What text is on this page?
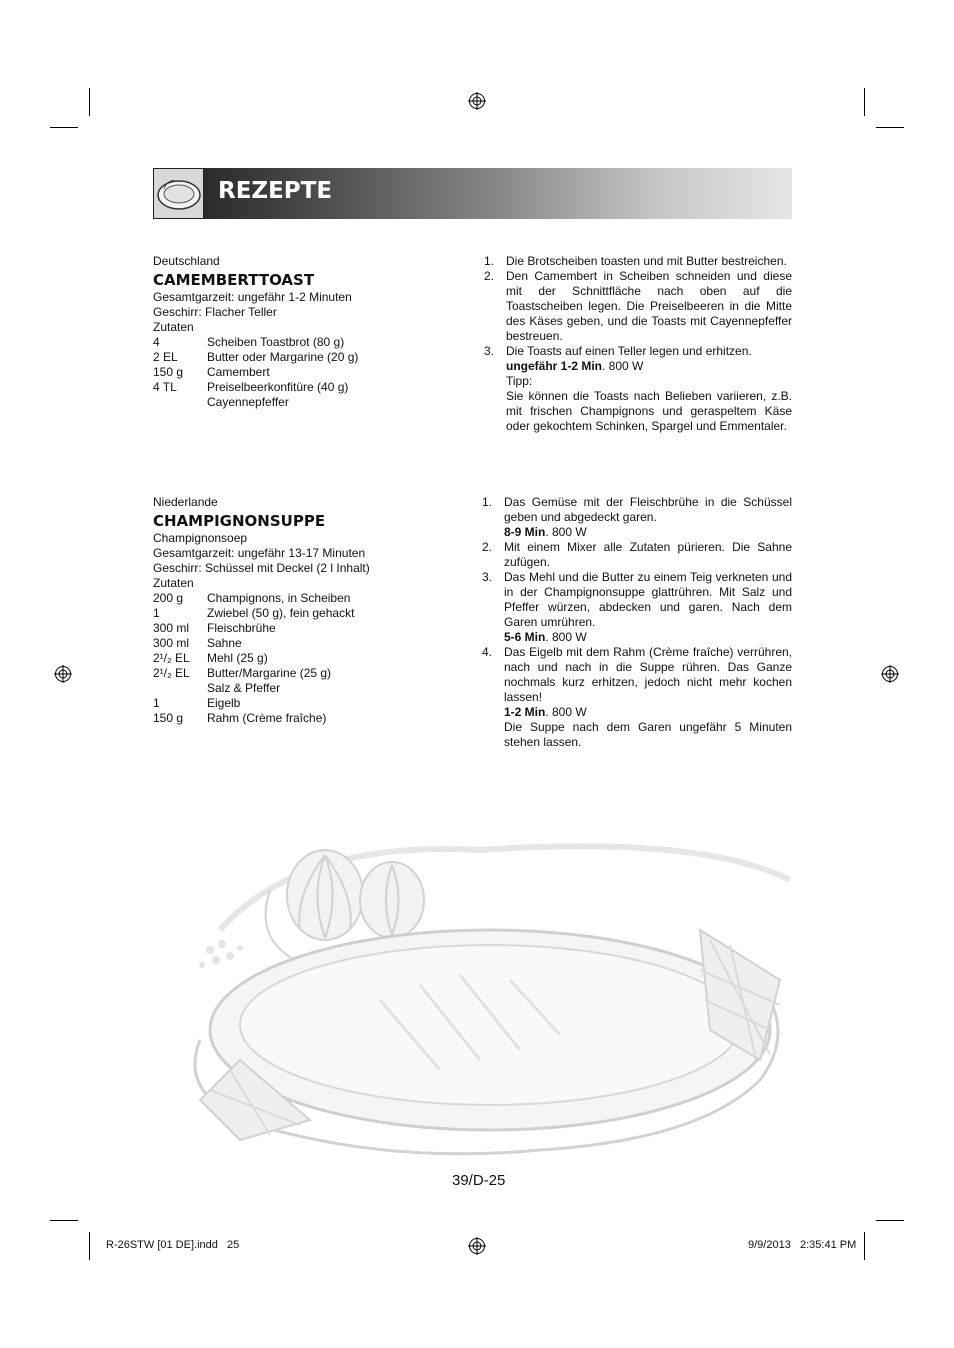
REZEPTE
Deutschland
CAMEMBERTTOAST
Gesamtgarzeit: ungefähr 1-2 Minuten
Geschirr: Flacher Teller
Zutaten
4	Scheiben Toastbrot (80 g)
2 EL	Butter oder Margarine (20 g)
150 g	Camembert
4 TL	Preiselbeerkonfitüre (40 g)
Cayennepfeffer
1. Die Brotscheiben toasten und mit Butter bestreichen.
2. Den Camembert in Scheiben schneiden und diese mit der Schnittfläche nach oben auf die Toastscheiben legen. Die Preiselbeeren in die Mitte des Käses geben, und die Toasts mit Cayennepfeffer bestreuen.
3. Die Toasts auf einen Teller legen und erhitzen.
ungefähr 1-2 Min. 800 W
Tipp:
Sie können die Toasts nach Belieben variieren, z.B. mit frischen Champignons und geraspeltem Käse oder gekochtem Schinken, Spargel und Emmentaler.
Niederlande
CHAMPIGNONSUPPE
Champignonsoep
Gesamtgarzeit: ungefähr 13-17 Minuten
Geschirr: Schüssel mit Deckel (2 l Inhalt)
Zutaten
200 g	Champignons, in Scheiben
1	Zwiebel (50 g), fein gehackt
300 ml	Fleischbrühe
300 ml	Sahne
2¹/₂ EL	Mehl (25 g)
2¹/₂ EL	Butter/Margarine (25 g)
Salz & Pfeffer
1	Eigelb
150 g	Rahm (Crème fraîche)
1. Das Gemüse mit der Fleischbrühe in die Schüssel geben und abgedeckt garen.
8-9 Min. 800 W
2. Mit einem Mixer alle Zutaten pürieren. Die Sahne zufügen.
3. Das Mehl und die Butter zu einem Teig verkneten und in der Champignonsuppe glattrühren. Mit Salz und Pfeffer würzen, abdecken und garen. Nach dem Garen umrühren.
5-6 Min. 800 W
4. Das Eigelb mit dem Rahm (Crème fraîche) verrühren, nach und nach in die Suppe rühren. Das Ganze nochmals kurz erhitzen, jedoch nicht mehr kochen lassen!
1-2 Min. 800 W
Die Suppe nach dem Garen ungefähr 5 Minuten stehen lassen.
39/D-25
R-26STW [01 DE].indd   25	9/9/2013   2:35:41 PM
